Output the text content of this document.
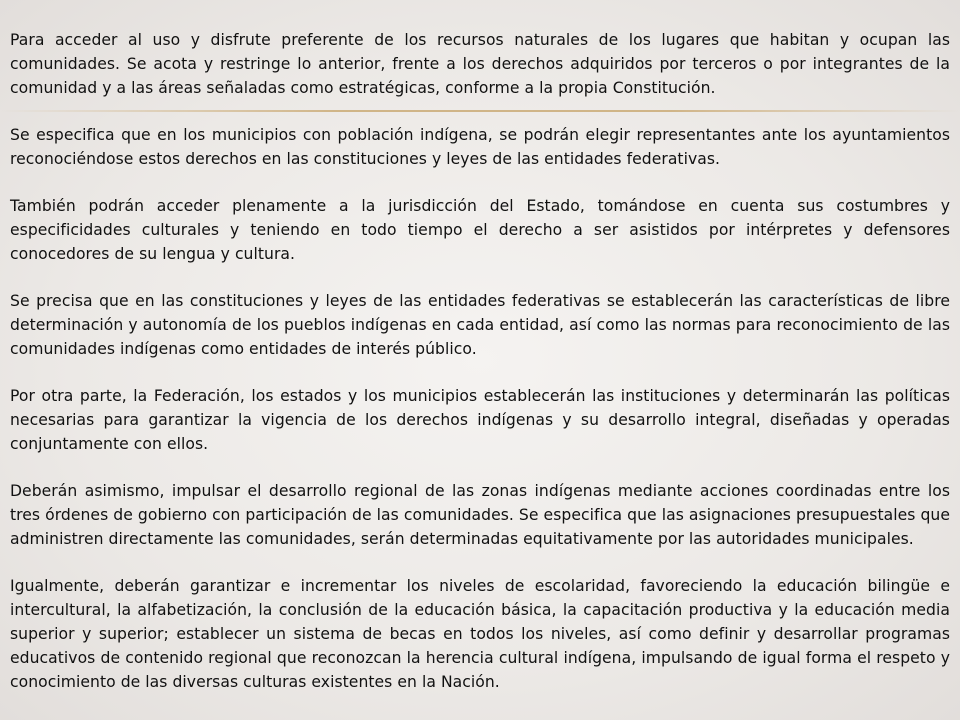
Para acceder al uso y disfrute preferente de los recursos naturales de los lugares que habitan y ocupan las comunidades. Se acota y restringe lo anterior, frente a los derechos adquiridos por terceros o por integrantes de la comunidad y a las áreas señaladas como estratégicas, conforme a la propia Constitución.

Se especifica que en los municipios con población indígena, se podrán elegir representantes ante los ayuntamientos reconociéndose estos derechos en las constituciones y leyes de las entidades federativas.

También podrán acceder plenamente a la jurisdicción del Estado, tomándose en cuenta sus costumbres y especificidades culturales y teniendo en todo tiempo el derecho a ser asistidos por intérpretes y defensores conocedores de su lengua y cultura.

Se precisa que en las constituciones y leyes de las entidades federativas se establecerán las características de libre determinación y autonomía de los pueblos indígenas en cada entidad, así como las normas para reconocimiento de las comunidades indígenas como entidades de interés público.

Por otra parte, la Federación, los estados y los municipios establecerán las instituciones y determinarán las políticas necesarias para garantizar la vigencia de los derechos indígenas y su desarrollo integral, diseñadas y operadas conjuntamente con ellos.

Deberán asimismo, impulsar el desarrollo regional de las zonas indígenas mediante acciones coordinadas entre los tres órdenes de gobierno con participación de las comunidades. Se especifica que las asignaciones presupuestales que administren directamente las comunidades, serán determinadas equitativamente por las autoridades municipales.

Igualmente, deberán garantizar e incrementar los niveles de escolaridad, favoreciendo la educación bilingüe e intercultural, la alfabetización, la conclusión de la educación básica, la capacitación productiva y la educación media superior y superior; establecer un sistema de becas en todos los niveles, así como definir y desarrollar programas educativos de contenido regional que reconozcan la herencia cultural indígena, impulsando de igual forma el respeto y conocimiento de las diversas culturas existentes en la Nación.
